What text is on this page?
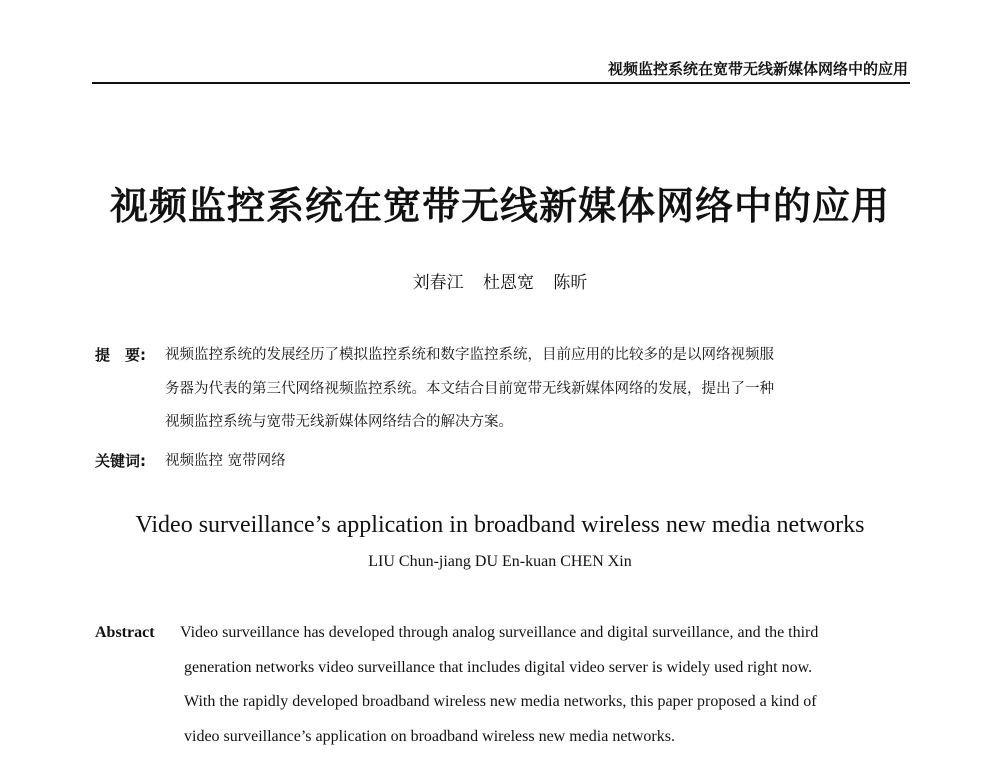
视频监控系统在宽带无线新媒体网络中的应用
视频监控系统在宽带无线新媒体网络中的应用
刘春江 杜恩宽 陈昕
提　要: 视频监控系统的发展经历了模拟监控系统和数字监控系统，目前应用的比较多的是以网络视频服
务器为代表的第三代网络视频监控系统。本文结合目前宽带无线新媒体网络的发展，提出了一种
视频监控系统与宽带无线新媒体网络结合的解决方案。
关键词: 视频监控 宽带网络
Video surveillance’s application in broadband wireless new media networks
LIU Chun-jiang DU En-kuan CHEN Xin
Abstract Video surveillance has developed through analog surveillance and digital surveillance, and the third
generation networks video surveillance that includes digital video server is widely used right now.
With the rapidly developed broadband wireless new media networks, this paper proposed a kind of
video surveillance’s application on broadband wireless new media networks.
